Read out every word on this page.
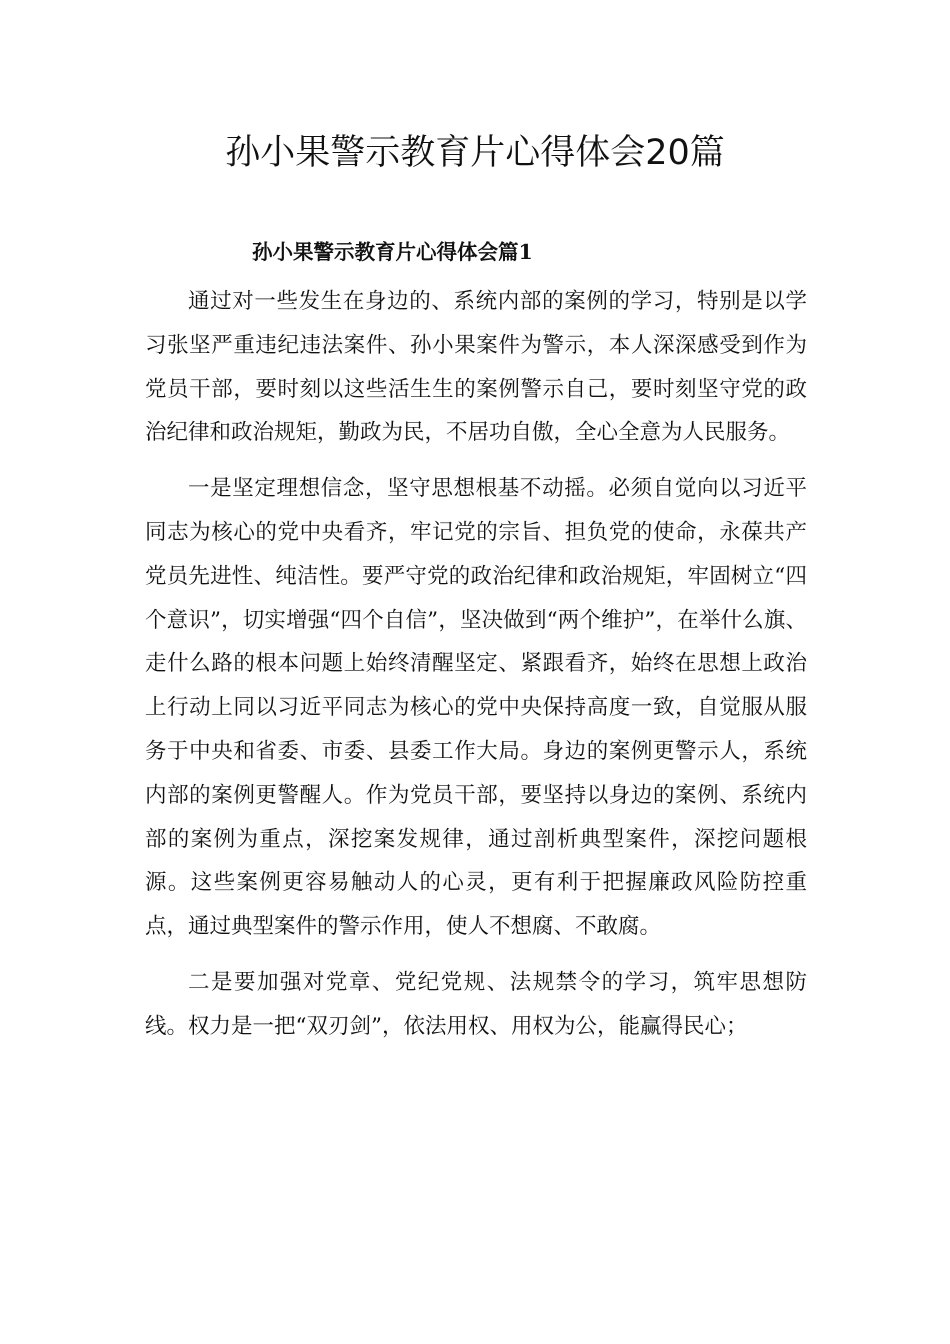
孙小果警示教育片心得体会20篇
孙小果警示教育片心得体会篇1

通过对一些发生在身边的、系统内部的案例的学习，特别是以学习张坚严重违纪违法案件、孙小果案件为警示，本人深深感受到作为党员干部，要时刻以这些活生生的案例警示自己，要时刻坚守党的政治纪律和政治规矩，勤政为民，不居功自傲，全心全意为人民服务。

一是坚定理想信念，坚守思想根基不动摇。必须自觉向以习近平同志为核心的党中央看齐，牢记党的宗旨、担负党的使命，永葆共产党员先进性、纯洁性。要严守党的政治纪律和政治规矩，牢固树立“四个意识”，切实增强“四个自信”，坚决做到“两个维护”，在举什么旗、走什么路的根本问题上始终清醒坚定、紧跟看齐，始终在思想上政治上行动上同以习近平同志为核心的党中央保持高度一致，自觉服从服务于中央和省委、市委、县委工作大局。身边的案例更警示人，系统内部的案例更警醒人。作为党员干部，要坚持以身边的案例、系统内部的案例为重点，深挖案发规律，通过剖析典型案件，深挖问题根源。这些案例更容易触动人的心灵，更有利于把握廉政风险防控重点，通过典型案件的警示作用，使人不想腐、不敢腐。

二是要加强对党章、党纪党规、法规禁令的学习，筑牢思想防线。权力是一把“双刃剑”，依法用权、用权为公，能赢得民心；
